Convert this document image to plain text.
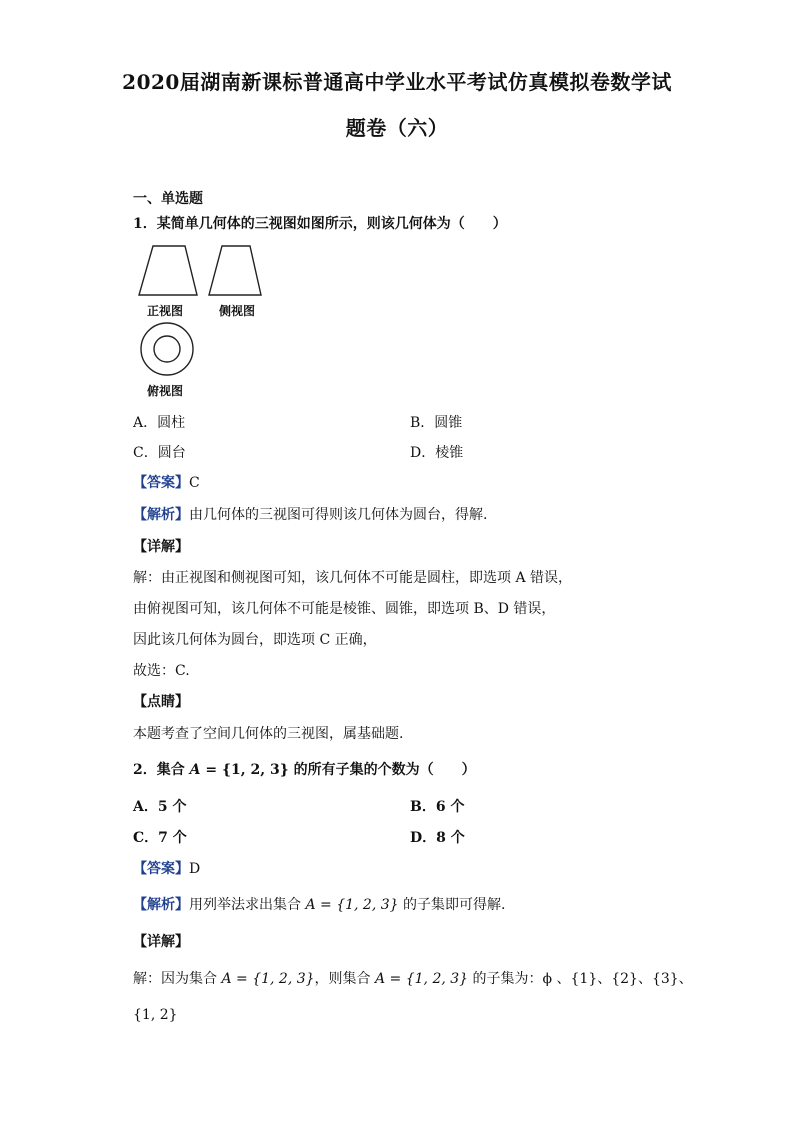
2020届湖南新课标普通高中学业水平考试仿真模拟卷数学试
题卷（六）
一、单选题
1．某简单几何体的三视图如图所示，则该几何体为（　　）
正视图	侧视图
俯视图
A．圆柱	B．圆锥
C．圆台	D．棱锥
【答案】C
【解析】由几何体的三视图可得则该几何体为圆台，得解.
【详解】
解：由正视图和侧视图可知，该几何体不可能是圆柱，即选项 A 错误，
由俯视图可知，该几何体不可能是棱锥、圆锥，即选项 B、D 错误，
因此该几何体为圆台，即选项 C 正确，
故选：C.
【点睛】
本题考查了空间几何体的三视图，属基础题.
2．集合 A = {1, 2, 3} 的所有子集的个数为（　　）
A．5 个	B．6 个
C．7 个	D．8 个
【答案】D
【解析】用列举法求出集合 A = {1, 2, 3} 的子集即可得解.
【详解】
解：因为集合 A = {1, 2, 3}，则集合 A = {1, 2, 3} 的子集为：ϕ 、{1}、{2}、{3}、
{1, 2}
